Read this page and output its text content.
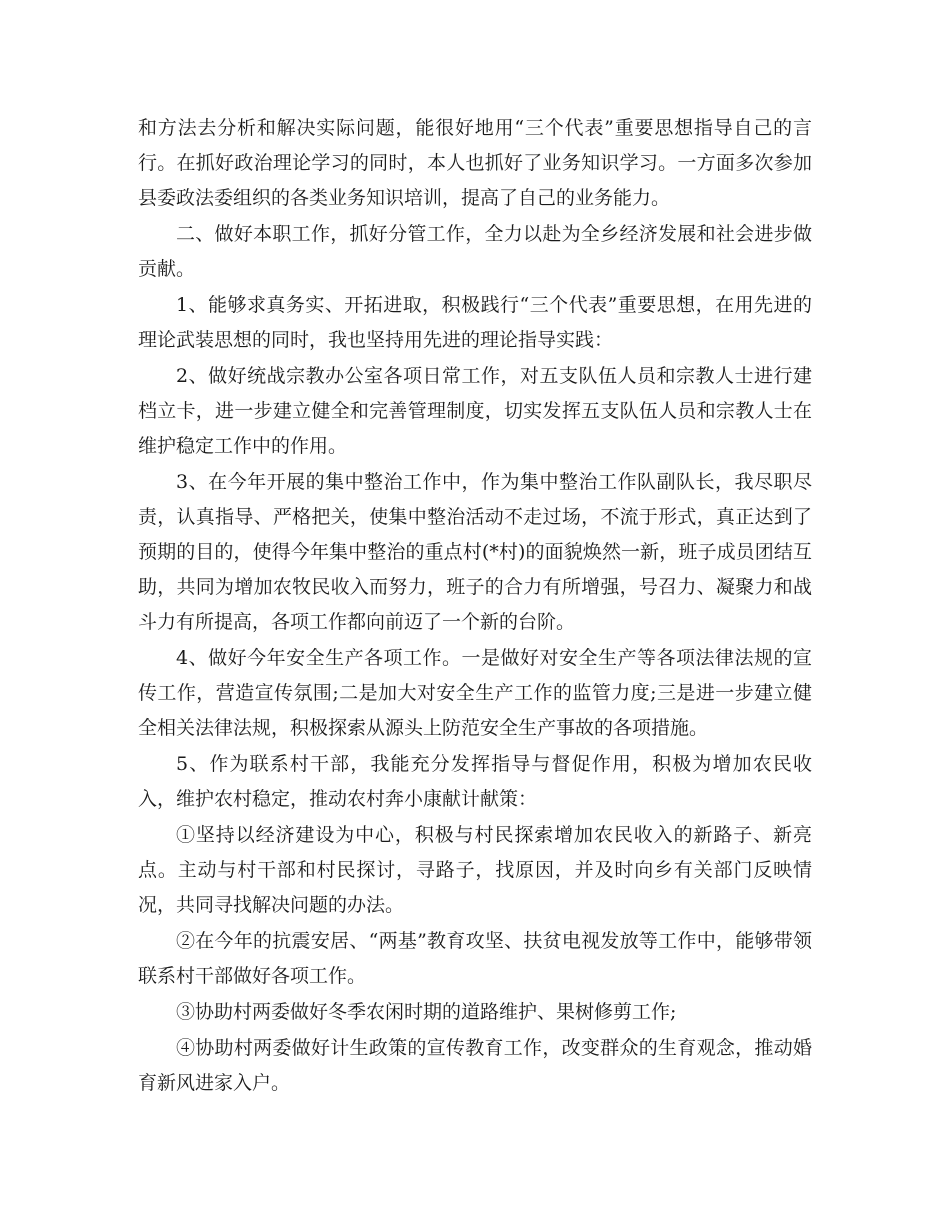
和方法去分析和解决实际问题，能很好地用“三个代表”重要思想指导自己的言行。在抓好政治理论学习的同时，本人也抓好了业务知识学习。一方面多次参加县委政法委组织的各类业务知识培训，提高了自己的业务能力。

二、做好本职工作，抓好分管工作，全力以赴为全乡经济发展和社会进步做贡献。

1、能够求真务实、开拓进取，积极践行“三个代表”重要思想，在用先进的理论武装思想的同时，我也坚持用先进的理论指导实践：

2、做好统战宗教办公室各项日常工作，对五支队伍人员和宗教人士进行建档立卡，进一步建立健全和完善管理制度，切实发挥五支队伍人员和宗教人士在维护稳定工作中的作用。

3、在今年开展的集中整治工作中，作为集中整治工作队副队长，我尽职尽责，认真指导、严格把关，使集中整治活动不走过场，不流于形式，真正达到了预期的目的，使得今年集中整治的重点村(*村)的面貌焕然一新，班子成员团结互助，共同为增加农牧民收入而努力，班子的合力有所增强，号召力、凝聚力和战斗力有所提高，各项工作都向前迈了一个新的台阶。

4、做好今年安全生产各项工作。一是做好对安全生产等各项法律法规的宣传工作，营造宣传氛围;二是加大对安全生产工作的监管力度;三是进一步建立健全相关法律法规，积极探索从源头上防范安全生产事故的各项措施。

5、作为联系村干部，我能充分发挥指导与督促作用，积极为增加农民收入，维护农村稳定，推动农村奔小康献计献策：

①坚持以经济建设为中心，积极与村民探索增加农民收入的新路子、新亮点。主动与村干部和村民探讨，寻路子，找原因，并及时向乡有关部门反映情况，共同寻找解决问题的办法。

②在今年的抗震安居、“两基”教育攻坚、扶贫电视发放等工作中，能够带领联系村干部做好各项工作。

③协助村两委做好冬季农闲时期的道路维护、果树修剪工作;

④协助村两委做好计生政策的宣传教育工作，改变群众的生育观念，推动婚育新风进家入户。
